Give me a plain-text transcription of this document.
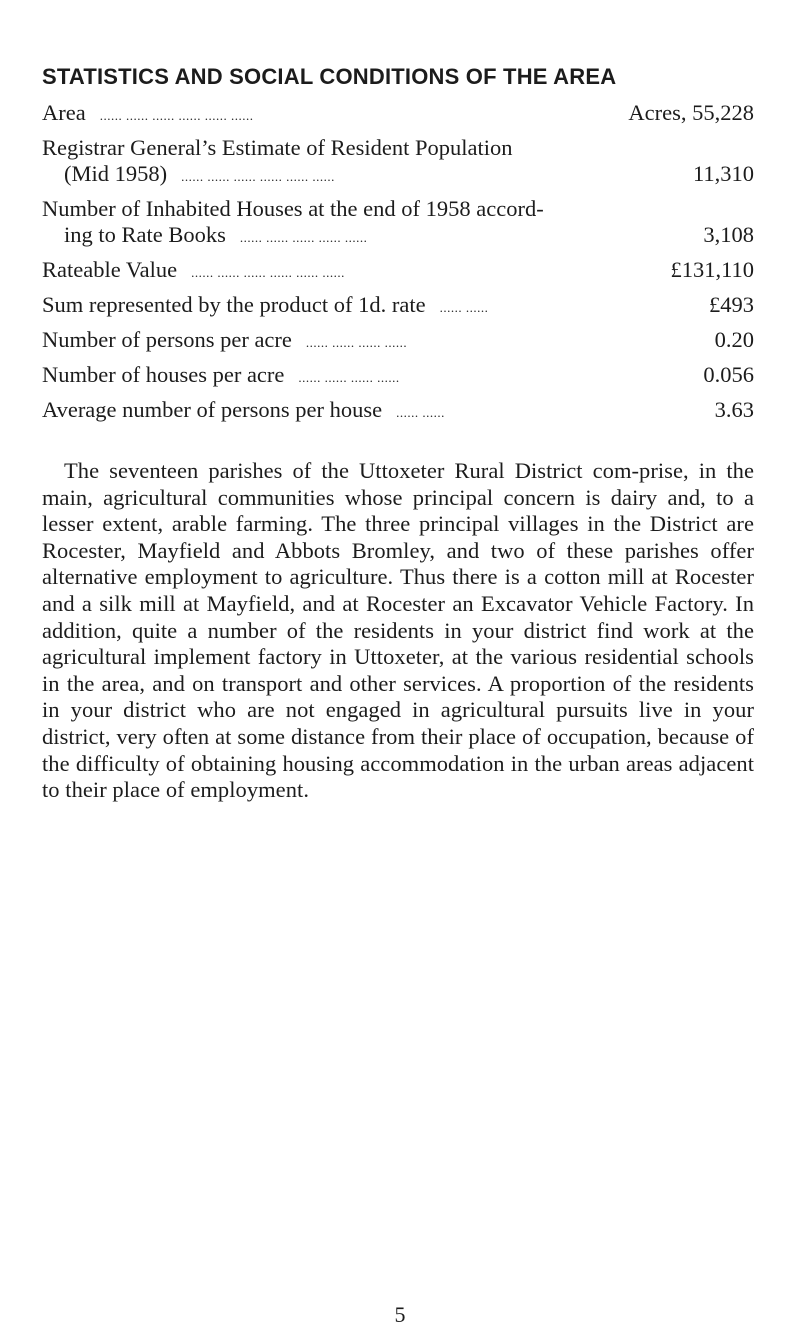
STATISTICS AND SOCIAL CONDITIONS OF THE AREA
Area ...... ...... ...... ...... ...... ......	Acres, 55,228
Registrar General’s Estimate of Resident Population
(Mid 1958) ...... ...... ...... ...... ...... ......	11,310
Number of Inhabited Houses at the end of 1958 accord-
ing to Rate Books ...... ...... ...... ...... ......	3,108
Rateable Value ...... ...... ...... ...... ...... ......	£131,110
Sum represented by the product of 1d. rate ...... ......	£493
Number of persons per acre ...... ...... ...... ......	0.20
Number of houses per acre ...... ...... ...... ......	0.056
Average number of persons per house ...... ......	3.63

The seventeen parishes of the Uttoxeter Rural District com-prise, in the main, agricultural communities whose principal concern is dairy and, to a lesser extent, arable farming. The three principal villages in the District are Rocester, Mayfield and Abbots Bromley, and two of these parishes offer alternative employment to agriculture. Thus there is a cotton mill at Rocester and a silk mill at Mayfield, and at Rocester an Excavator Vehicle Factory. In addition, quite a number of the residents in your district find work at the agricultural implement factory in Uttoxeter, at the various residential schools in the area, and on transport and other services. A proportion of the residents in your district who are not engaged in agricultural pursuits live in your district, very often at some distance from their place of occupation, because of the difficulty of obtaining housing accommodation in the urban areas adjacent to their place of employment.

5
